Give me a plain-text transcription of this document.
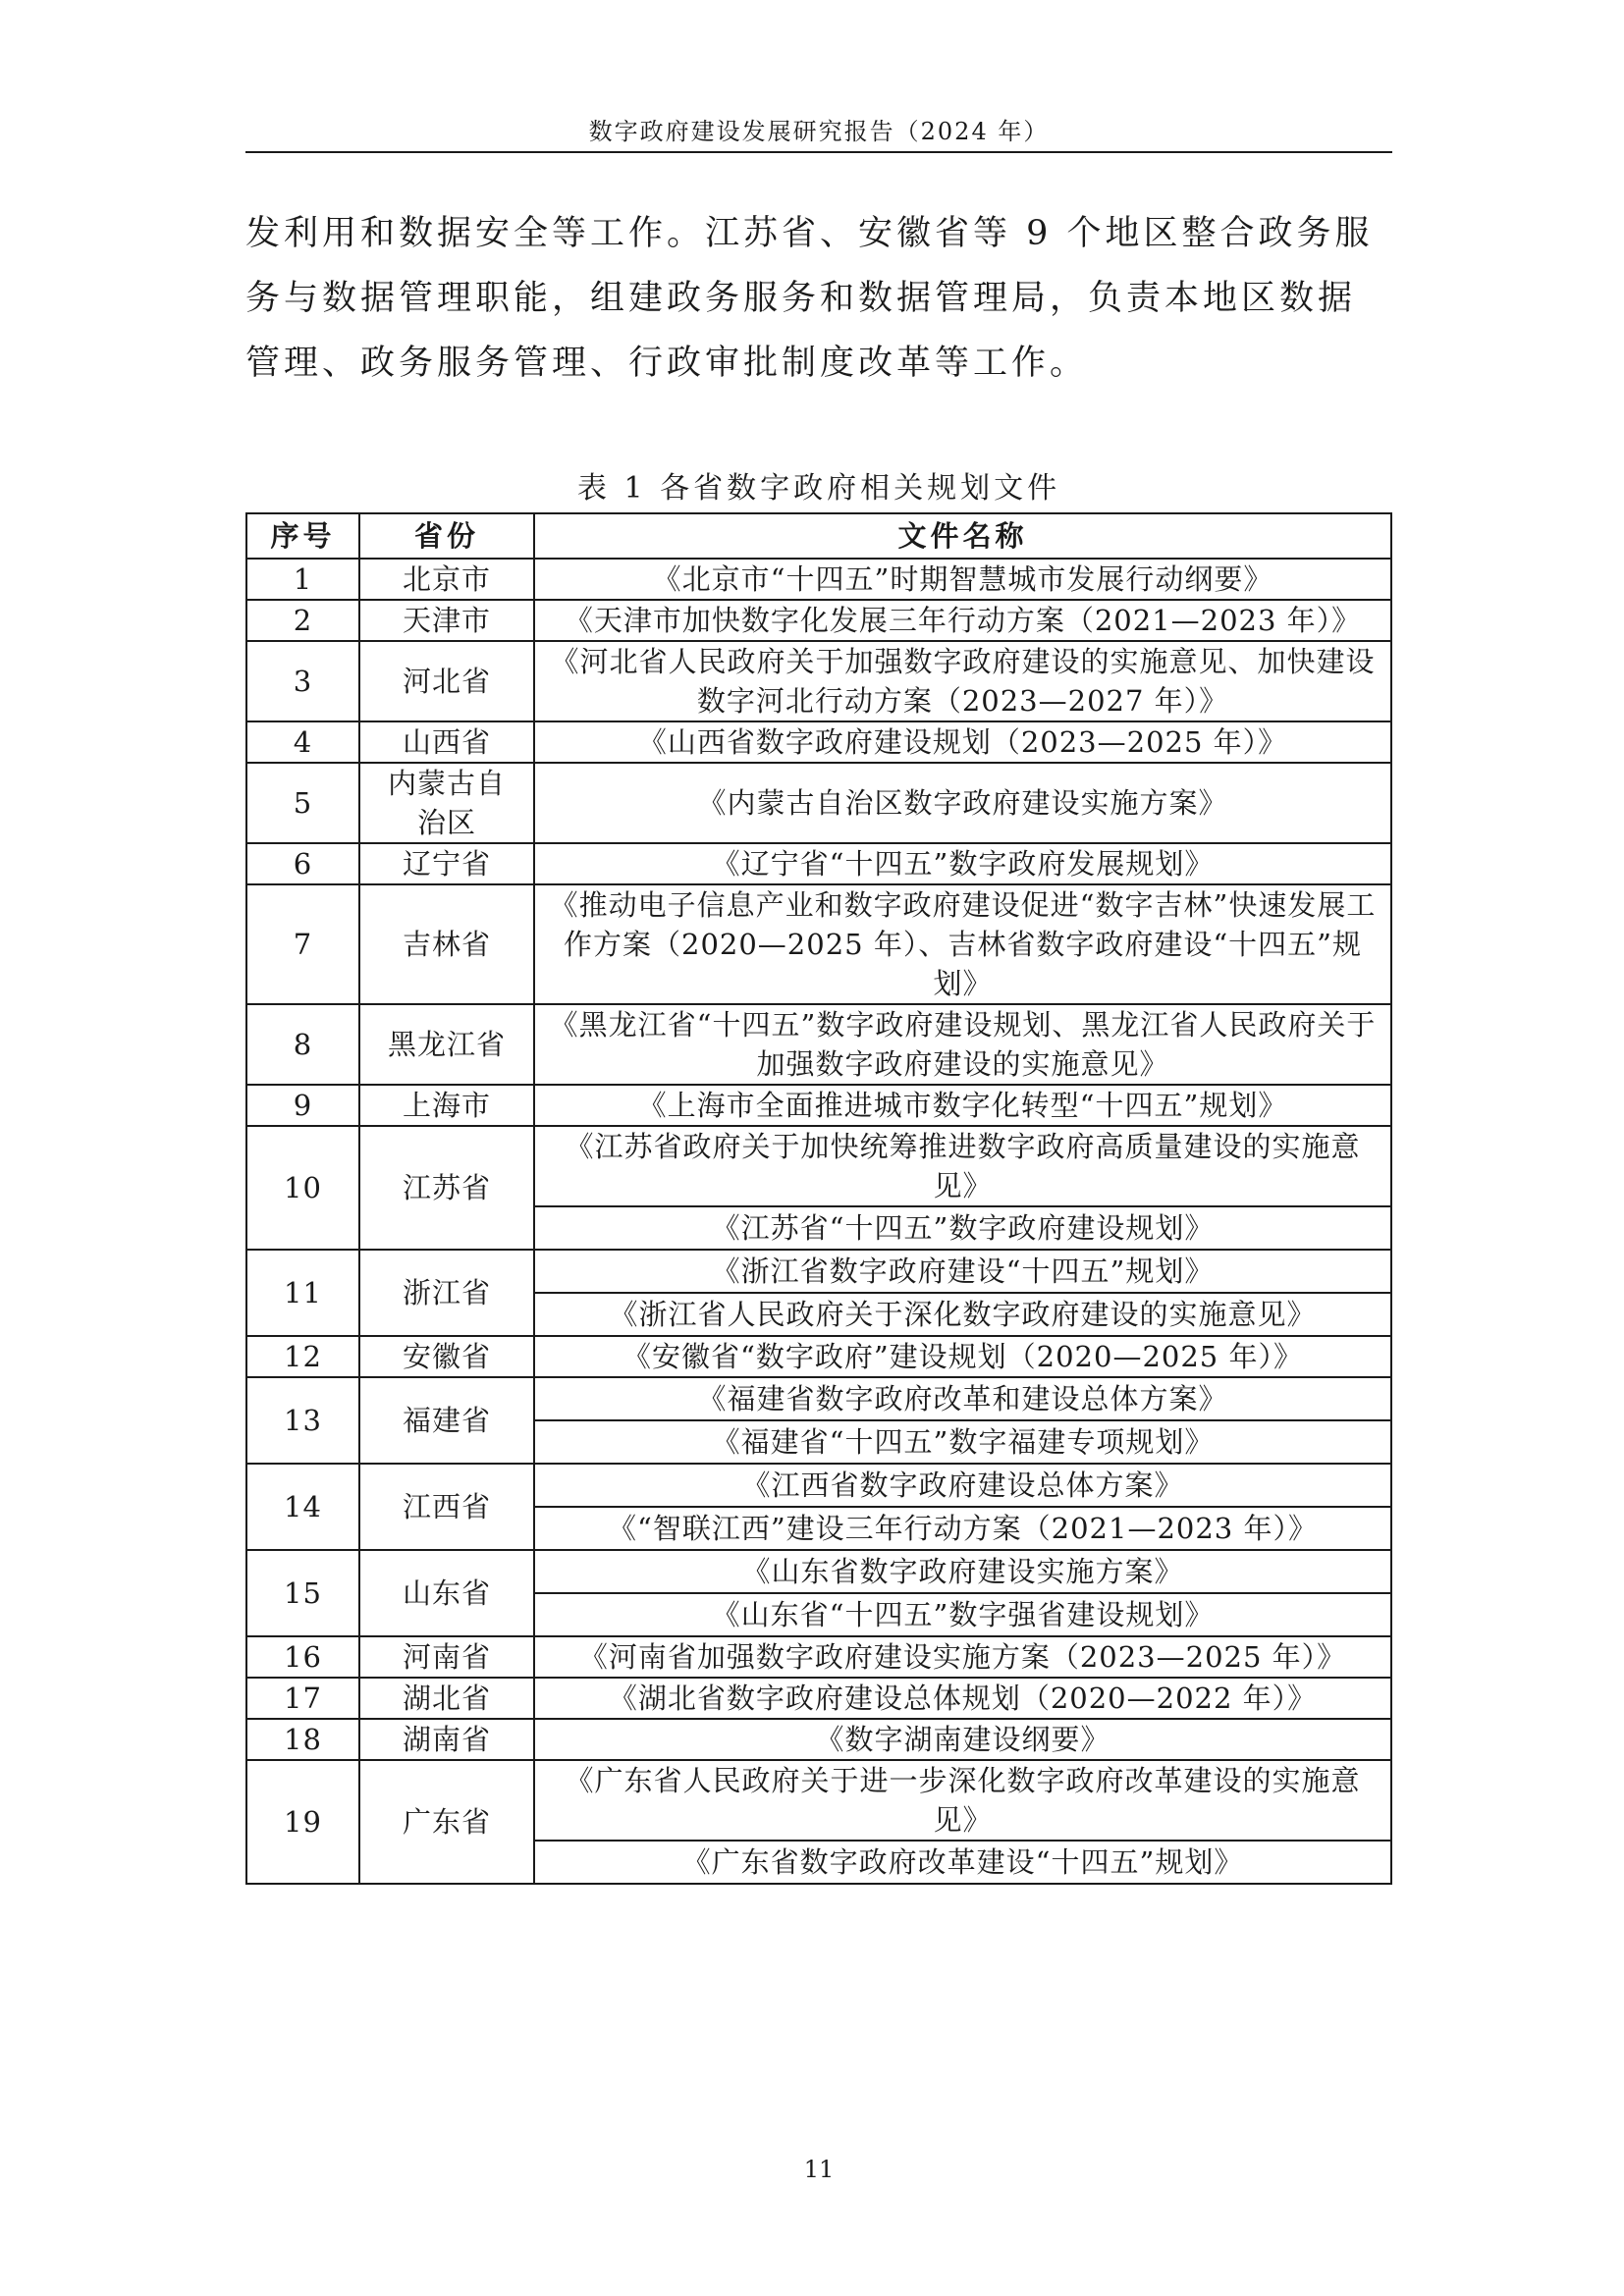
数字政府建设发展研究报告（2024 年）
发利用和数据安全等工作。江苏省、安徽省等 9 个地区整合政务服
务与数据管理职能，组建政务服务和数据管理局，负责本地区数据
管理、政务服务管理、行政审批制度改革等工作。
表 1 各省数字政府相关规划文件
序号	省份	文件名称
1	北京市	《北京市“十四五”时期智慧城市发展行动纲要》
2	天津市	《天津市加快数字化发展三年行动方案（2021—2023 年）》
3	河北省	《河北省人民政府关于加强数字政府建设的实施意见、加快建设数字河北行动方案（2023—2027 年）》
4	山西省	《山西省数字政府建设规划（2023—2025 年）》
5	内蒙古自治区	《内蒙古自治区数字政府建设实施方案》
6	辽宁省	《辽宁省“十四五”数字政府发展规划》
7	吉林省	《推动电子信息产业和数字政府建设促进“数字吉林”快速发展工作方案（2020—2025 年）、吉林省数字政府建设“十四五”规划》
8	黑龙江省	《黑龙江省“十四五”数字政府建设规划、黑龙江省人民政府关于加强数字政府建设的实施意见》
9	上海市	《上海市全面推进城市数字化转型“十四五”规划》
10	江苏省	《江苏省政府关于加快统筹推进数字政府高质量建设的实施意见》
		《江苏省“十四五”数字政府建设规划》
11	浙江省	《浙江省数字政府建设“十四五”规划》
		《浙江省人民政府关于深化数字政府建设的实施意见》
12	安徽省	《安徽省“数字政府”建设规划（2020—2025 年）》
13	福建省	《福建省数字政府改革和建设总体方案》
		《福建省“十四五”数字福建专项规划》
14	江西省	《江西省数字政府建设总体方案》
		《“智联江西”建设三年行动方案（2021—2023 年）》
15	山东省	《山东省数字政府建设实施方案》
		《山东省“十四五”数字强省建设规划》
16	河南省	《河南省加强数字政府建设实施方案（2023—2025 年）》
17	湖北省	《湖北省数字政府建设总体规划（2020—2022 年）》
18	湖南省	《数字湖南建设纲要》
19	广东省	《广东省人民政府关于进一步深化数字政府改革建设的实施意见》
		《广东省数字政府改革建设“十四五”规划》
11
